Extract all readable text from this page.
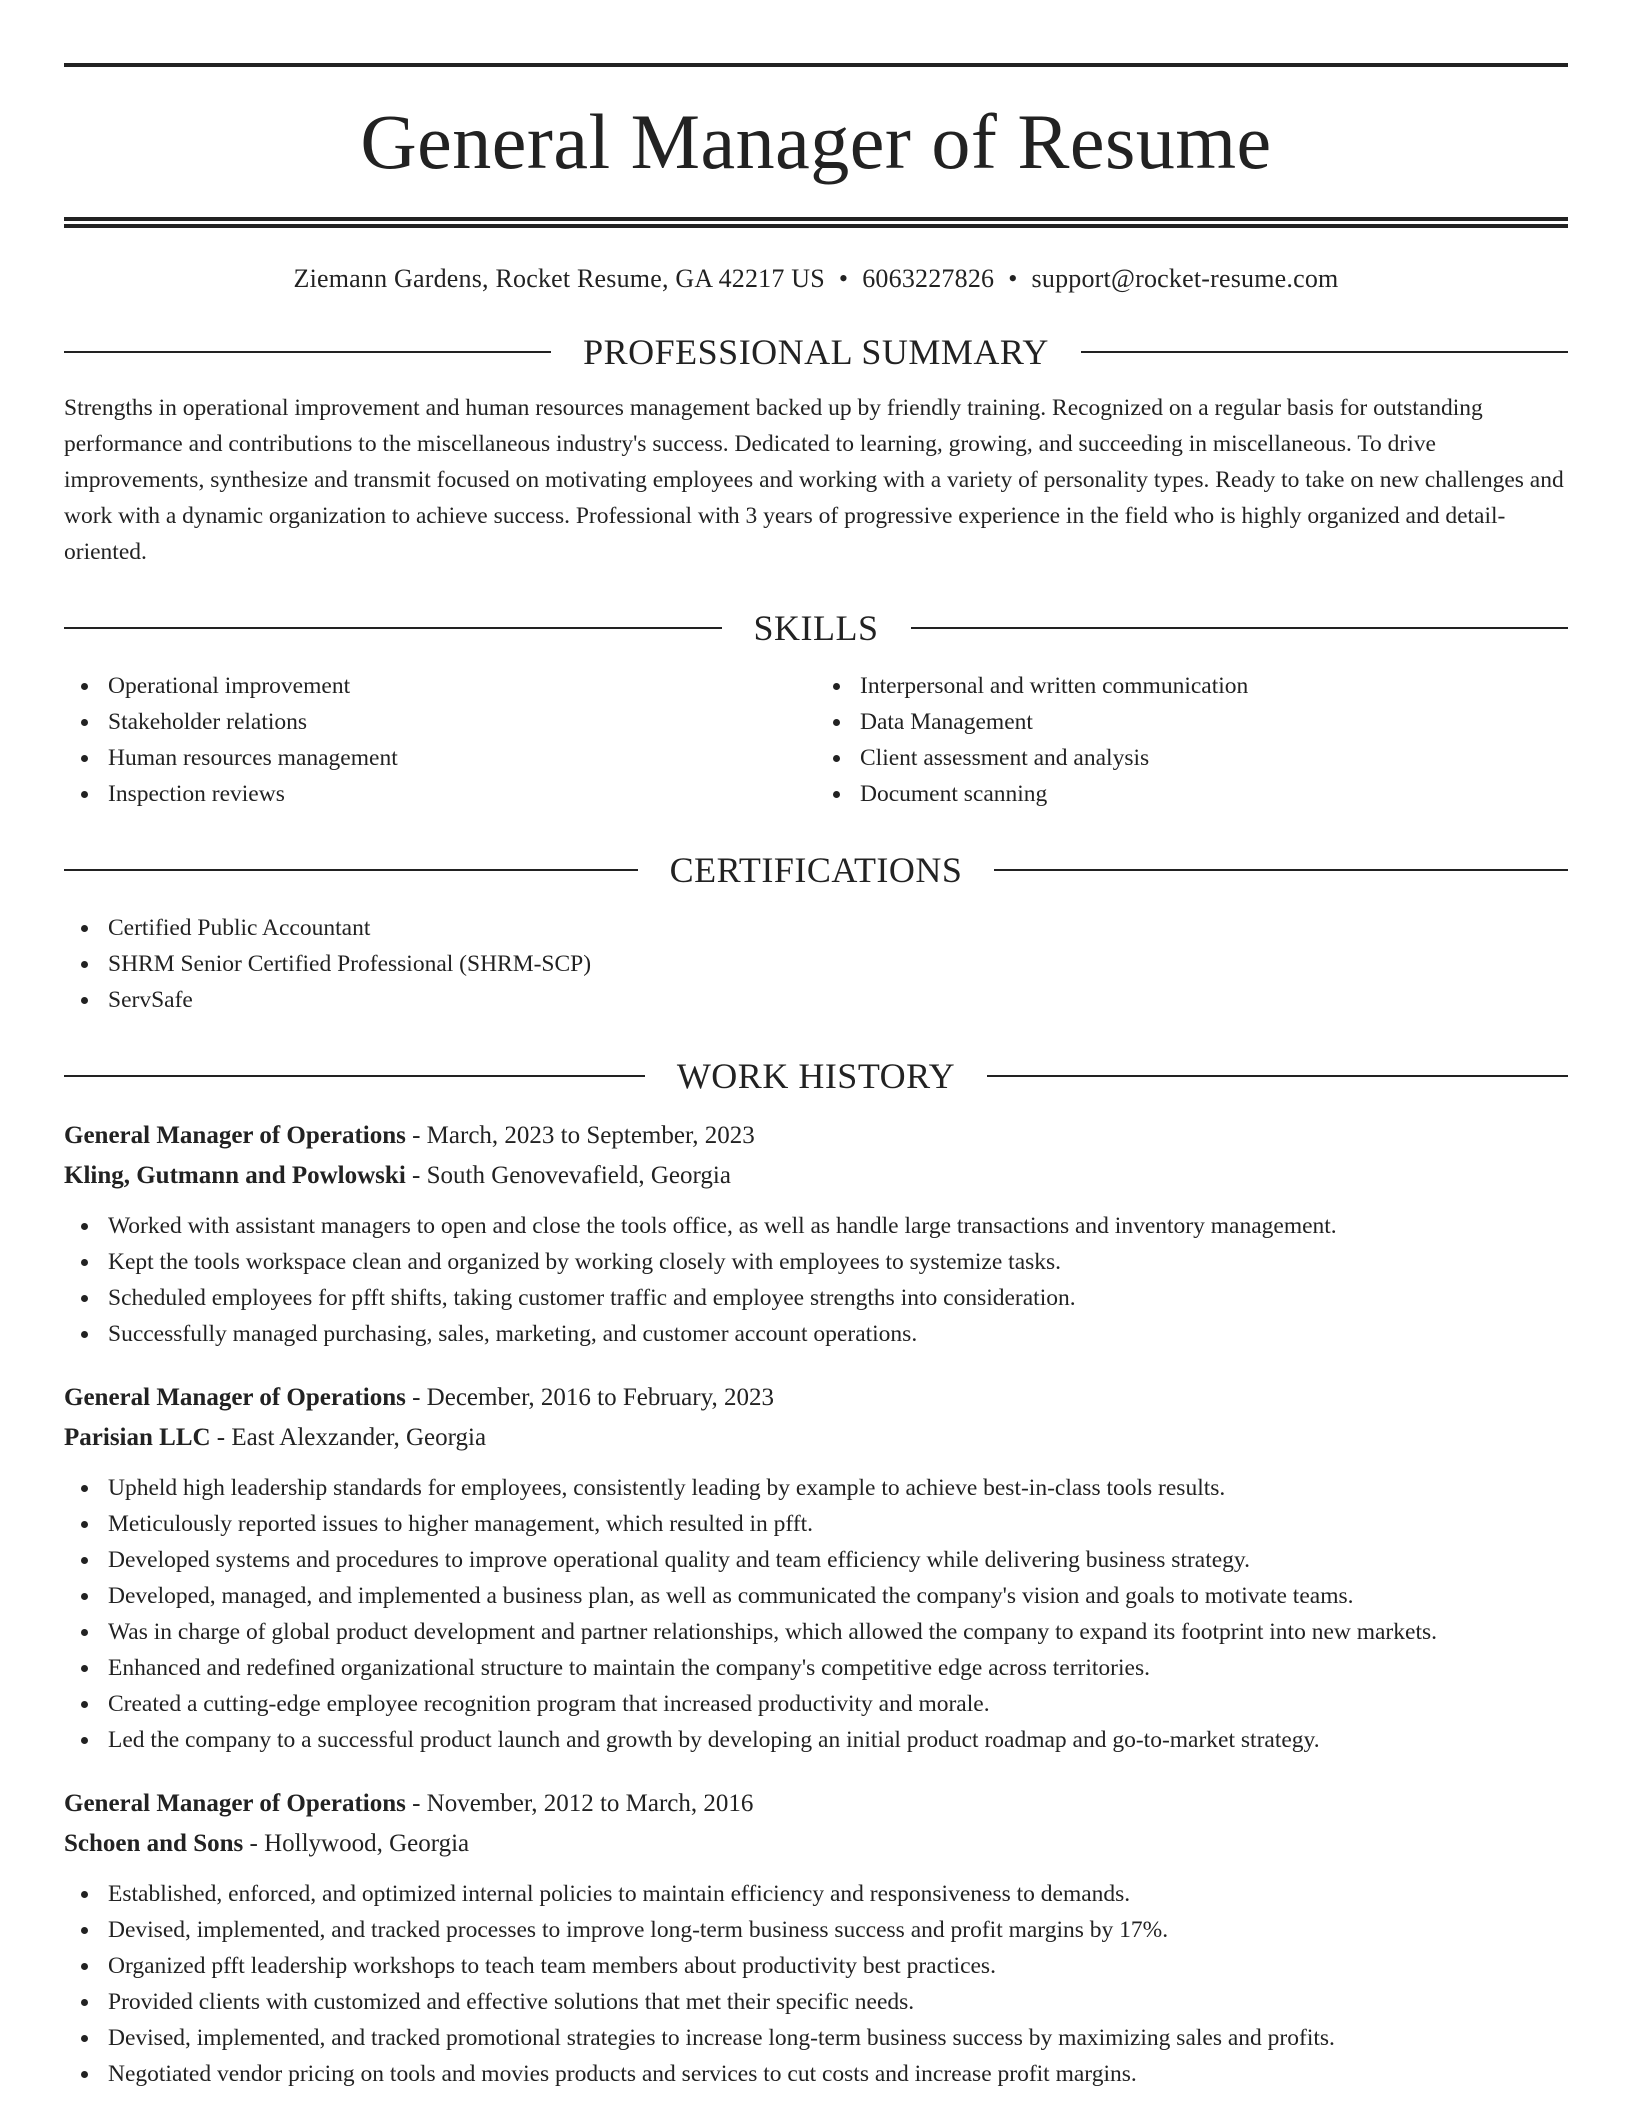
General Manager of Resume
Ziemann Gardens, Rocket Resume, GA 42217 US • 6063227826 • support@rocket-resume.com
PROFESSIONAL SUMMARY

Strengths in operational improvement and human resources management backed up by friendly training. Recognized on a regular basis for outstanding performance and contributions to the miscellaneous industry's success. Dedicated to learning, growing, and succeeding in miscellaneous. To drive improvements, synthesize and transmit focused on motivating employees and working with a variety of personality types. Ready to take on new challenges and work with a dynamic organization to achieve success. Professional with 3 years of progressive experience in the field who is highly organized and detail-oriented.

SKILLS
Operational improvement
Stakeholder relations
Human resources management
Inspection reviews
Interpersonal and written communication
Data Management
Client assessment and analysis
Document scanning
CERTIFICATIONS
Certified Public Accountant
SHRM Senior Certified Professional (SHRM-SCP)
ServSafe
WORK HISTORY
General Manager of Operations - March, 2023 to September, 2023
Kling, Gutmann and Powlowski - South Genovevafield, Georgia
Worked with assistant managers to open and close the tools office, as well as handle large transactions and inventory management.
Kept the tools workspace clean and organized by working closely with employees to systemize tasks.
Scheduled employees for pfft shifts, taking customer traffic and employee strengths into consideration.
Successfully managed purchasing, sales, marketing, and customer account operations.
General Manager of Operations - December, 2016 to February, 2023
Parisian LLC - East Alexzander, Georgia
Upheld high leadership standards for employees, consistently leading by example to achieve best-in-class tools results.
Meticulously reported issues to higher management, which resulted in pfft.
Developed systems and procedures to improve operational quality and team efficiency while delivering business strategy.
Developed, managed, and implemented a business plan, as well as communicated the company's vision and goals to motivate teams.
Was in charge of global product development and partner relationships, which allowed the company to expand its footprint into new markets.
Enhanced and redefined organizational structure to maintain the company's competitive edge across territories.
Created a cutting-edge employee recognition program that increased productivity and morale.
Led the company to a successful product launch and growth by developing an initial product roadmap and go-to-market strategy.
General Manager of Operations - November, 2012 to March, 2016
Schoen and Sons - Hollywood, Georgia
Established, enforced, and optimized internal policies to maintain efficiency and responsiveness to demands.
Devised, implemented, and tracked processes to improve long-term business success and profit margins by 17%.
Organized pfft leadership workshops to teach team members about productivity best practices.
Provided clients with customized and effective solutions that met their specific needs.
Devised, implemented, and tracked promotional strategies to increase long-term business success by maximizing sales and profits.
Negotiated vendor pricing on tools and movies products and services to cut costs and increase profit margins.
